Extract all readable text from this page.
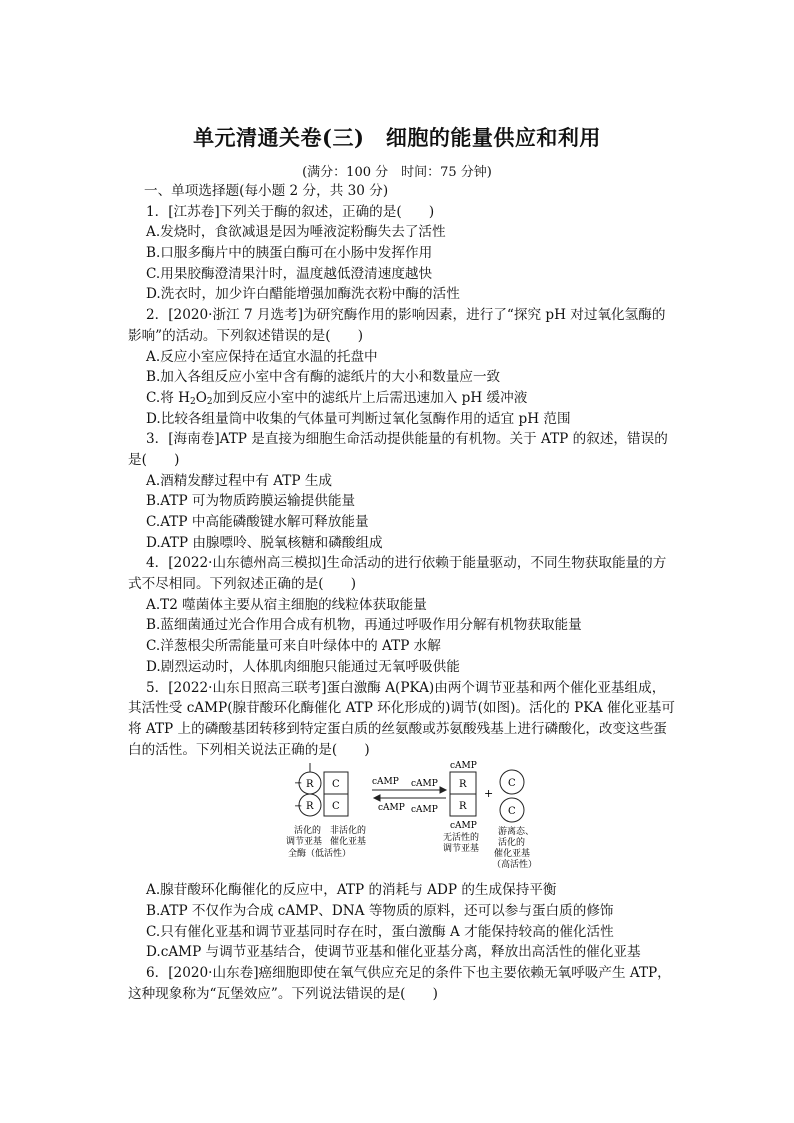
单元清通关卷(三)　细胞的能量供应和利用
(满分：100 分　时间：75 分钟)
一、单项选择题(每小题 2 分，共 30 分)
1．[江苏卷]下列关于酶的叙述，正确的是(　　)
A.发烧时，食欲减退是因为唾液淀粉酶失去了活性
B.口服多酶片中的胰蛋白酶可在小肠中发挥作用
C.用果胶酶澄清果汁时，温度越低澄清速度越快
D.洗衣时，加少许白醋能增强加酶洗衣粉中酶的活性
2．[2020·浙江 7 月选考]为研究酶作用的影响因素，进行了“探究 pH 对过氧化氢酶的
影响”的活动。下列叙述错误的是(　　)
A.反应小室应保持在适宜水温的托盘中
B.加入各组反应小室中含有酶的滤纸片的大小和数量应一致
C.将 $H_2O_2$加到反应小室中的滤纸片上后需迅速加入 pH 缓冲液
D.比较各组量筒中收集的气体量可判断过氧化氢酶作用的适宜 pH 范围
3．[海南卷]ATP 是直接为细胞生命活动提供能量的有机物。关于 ATP 的叙述，错误的
是(　　)
A.酒精发酵过程中有 ATP 生成
B.ATP 可为物质跨膜运输提供能量
C.ATP 中高能磷酸键水解可释放能量
D.ATP 由腺嘌呤、脱氧核糖和磷酸组成
4．[2022·山东德州高三模拟]生命活动的进行依赖于能量驱动，不同生物获取能量的方
式不尽相同。下列叙述正确的是(　　)
A.T2 噬菌体主要从宿主细胞的线粒体获取能量
B.蓝细菌通过光合作用合成有机物，再通过呼吸作用分解有机物获取能量
C.洋葱根尖所需能量可来自叶绿体中的 ATP 水解
D.剧烈运动时，人体肌肉细胞只能通过无氧呼吸供能
5．[2022·山东日照高三联考]蛋白激酶 A(PKA)由两个调节亚基和两个催化亚基组成，
其活性受 cAMP(腺苷酸环化酶催化 ATP 环化形成的)调节(如图)。活化的 PKA 催化亚基可
将 ATP 上的磷酸基团转移到特定蛋白质的丝氨酸或苏氨酸残基上进行磷酸化，改变这些蛋
白的活性。下列相关说法正确的是(　　)
−
−
R
R
C
C
活化的
调节亚基
非活化的
催化亚基
全酶（低活性）
cAMP cAMP
cAMP cAMP
cAMP
R
R
cAMP
无活性的
调节亚基
+
C
C
游离态、
活化的
催化亚基
（高活性）
A.腺苷酸环化酶催化的反应中，ATP 的消耗与 ADP 的生成保持平衡
B.ATP 不仅作为合成 cAMP、DNA 等物质的原料，还可以参与蛋白质的修饰
C.只有催化亚基和调节亚基同时存在时，蛋白激酶 A 才能保持较高的催化活性
D.cAMP 与调节亚基结合，使调节亚基和催化亚基分离，释放出高活性的催化亚基
6．[2020·山东卷]癌细胞即使在氧气供应充足的条件下也主要依赖无氧呼吸产生 ATP，
这种现象称为“瓦堡效应”。下列说法错误的是(　　)
